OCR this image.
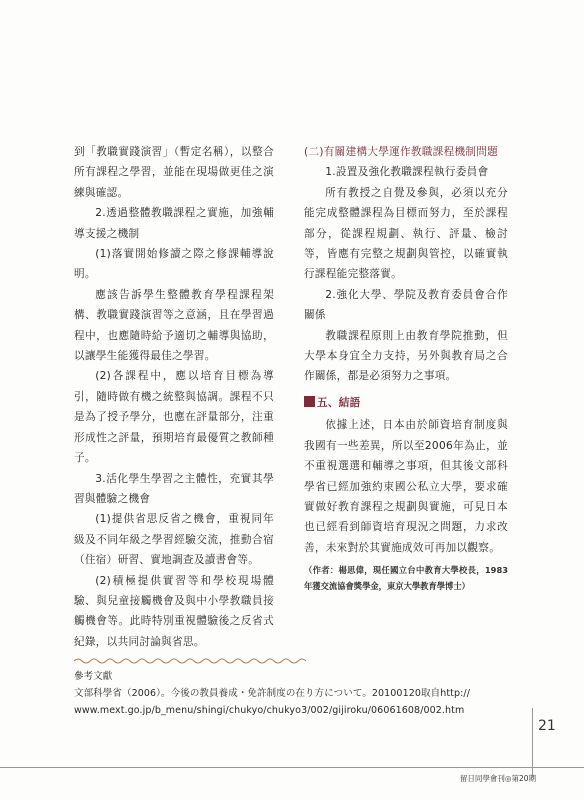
到「教職實踐演習」（暫定名稱），以整合所有課程之學習，並能在現場做更佳之演練與確認。

2.透過整體教職課程之實施，加強輔導支援之機制

(1)落實開始修讀之際之修課輔導說明。

應該告訴學生整體教育學程課程架構、教職實踐演習等之意涵，且在學習過程中，也應隨時給予適切之輔導與協助，以讓學生能獲得最佳之學習。

(2)各課程中，應以培育目標為導引，隨時做有機之統整與協調。課程不只是為了授予學分，也應在評量部分，注重形成性之評量，預期培育最優質之教師種子。

3.活化學生學習之主體性，充實其學習與體驗之機會

(1)提供省思反省之機會，重視同年級及不同年級之學習經驗交流，推動合宿（住宿）研習、實地調查及讀書會等。

(2)積極提供實習等和學校現場體驗、與兒童接觸機會及與中小學教職員接觸機會等。此時特別重視體驗後之反省式紀錄，以共同討論與省思。

(二)有關建構大學運作教職課程機制問題

1.設置及強化教職課程執行委員會

所有教授之自覺及參與，必須以充分能完成整體課程為目標而努力，至於課程部分，從課程規劃、執行、評量、檢討等，皆應有完整之規劃與管控，以確實執行課程能完整落實。

2.強化大學、學院及教育委員會合作關係

教職課程原則上由教育學院推動，但大學本身宜全力支持，另外與教育局之合作關係，都是必須努力之事項。

五、結語

依據上述，日本由於師資培育制度與我國有一些差異，所以至2006年為止，並不重視選選和輔導之事項，但其後文部科學省已經加強約束國公私立大學，要求確實做好教育課程之規劃與實施，可見日本也已經看到師資培育現況之問題，力求改善，未來對於其實施成效可再加以觀察。

（作者：楊思偉，現任國立台中教育大學校長，1983年獲交流協會獎學金，東京大學教育學博士）

參考文獻

文部科學省（2006）。今後の教員養成・免許制度の在り方について。20100120取自http://

www.mext.go.jp/b_menu/shingi/chukyo/chukyo3/002/gijiroku/06061608/002.htm

21
留日同學會刊◎第20期
